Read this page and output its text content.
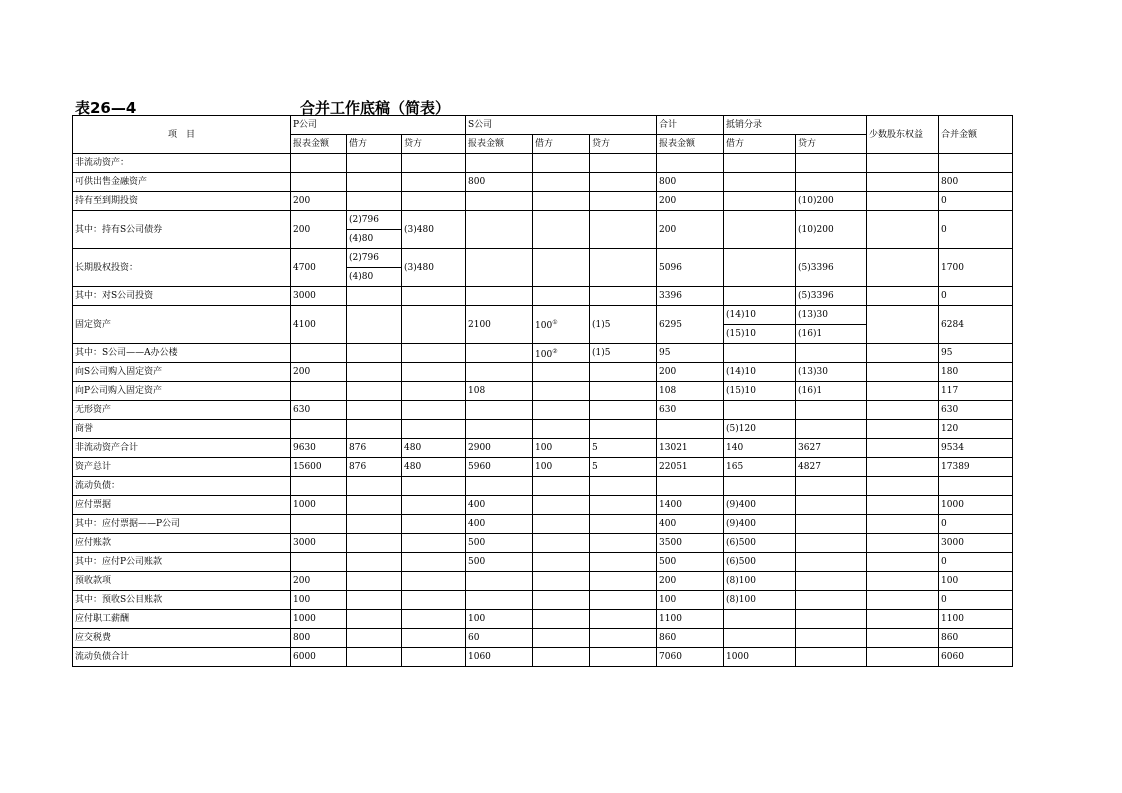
表26—4	合并工作底稿（简表）
项　目	P公司			S公司			合计	抵销分录		少数股东权益	合并金额
	报表金额	借方	贷方	报表金额	借方	贷方	报表金额	借方	贷方		
非流动资产：											
可供出售金融资产				800			800				800
持有至到期投资	200						200		(10)200		0
其中：持有S公司债券	200	(2)796	(3)480				200		(10)200		0
		(4)80									
长期股权投资：	4700	(2)796	(3)480				5096		(5)3396		1700
		(4)80									
其中：对S公司投资	3000						3396		(5)3396		0
固定资产	4100			2100	100①	(1)5	6295	(14)10	(13)30		6284
								(15)10	(16)1		
其中：S公司——A办公楼					100②	(1)5	95				95
向S公司购入固定资产	200						200	(14)10	(13)30		180
向P公司购入固定资产				108			108	(15)10	(16)1		117
无形资产	630						630				630
商誉								(5)120			120
非流动资产合计	9630	876	480	2900	100	5	13021	140	3627		9534
资产总计	15600	876	480	5960	100	5	22051	165	4827		17389
流动负债：											
应付票据	1000			400			1400	(9)400			1000
其中：应付票据——P公司				400			400	(9)400			0
应付账款	3000			500			3500	(6)500			3000
其中：应付P公司账款				500			500	(6)500			0
预收款项	200						200	(8)100			100
其中：预收S公目账款	100						100	(8)100			0
应付职工薪酬	1000			100			1100				1100
应交税费	800			60			860				860
流动负债合计	6000			1060			7060	1000			6060
